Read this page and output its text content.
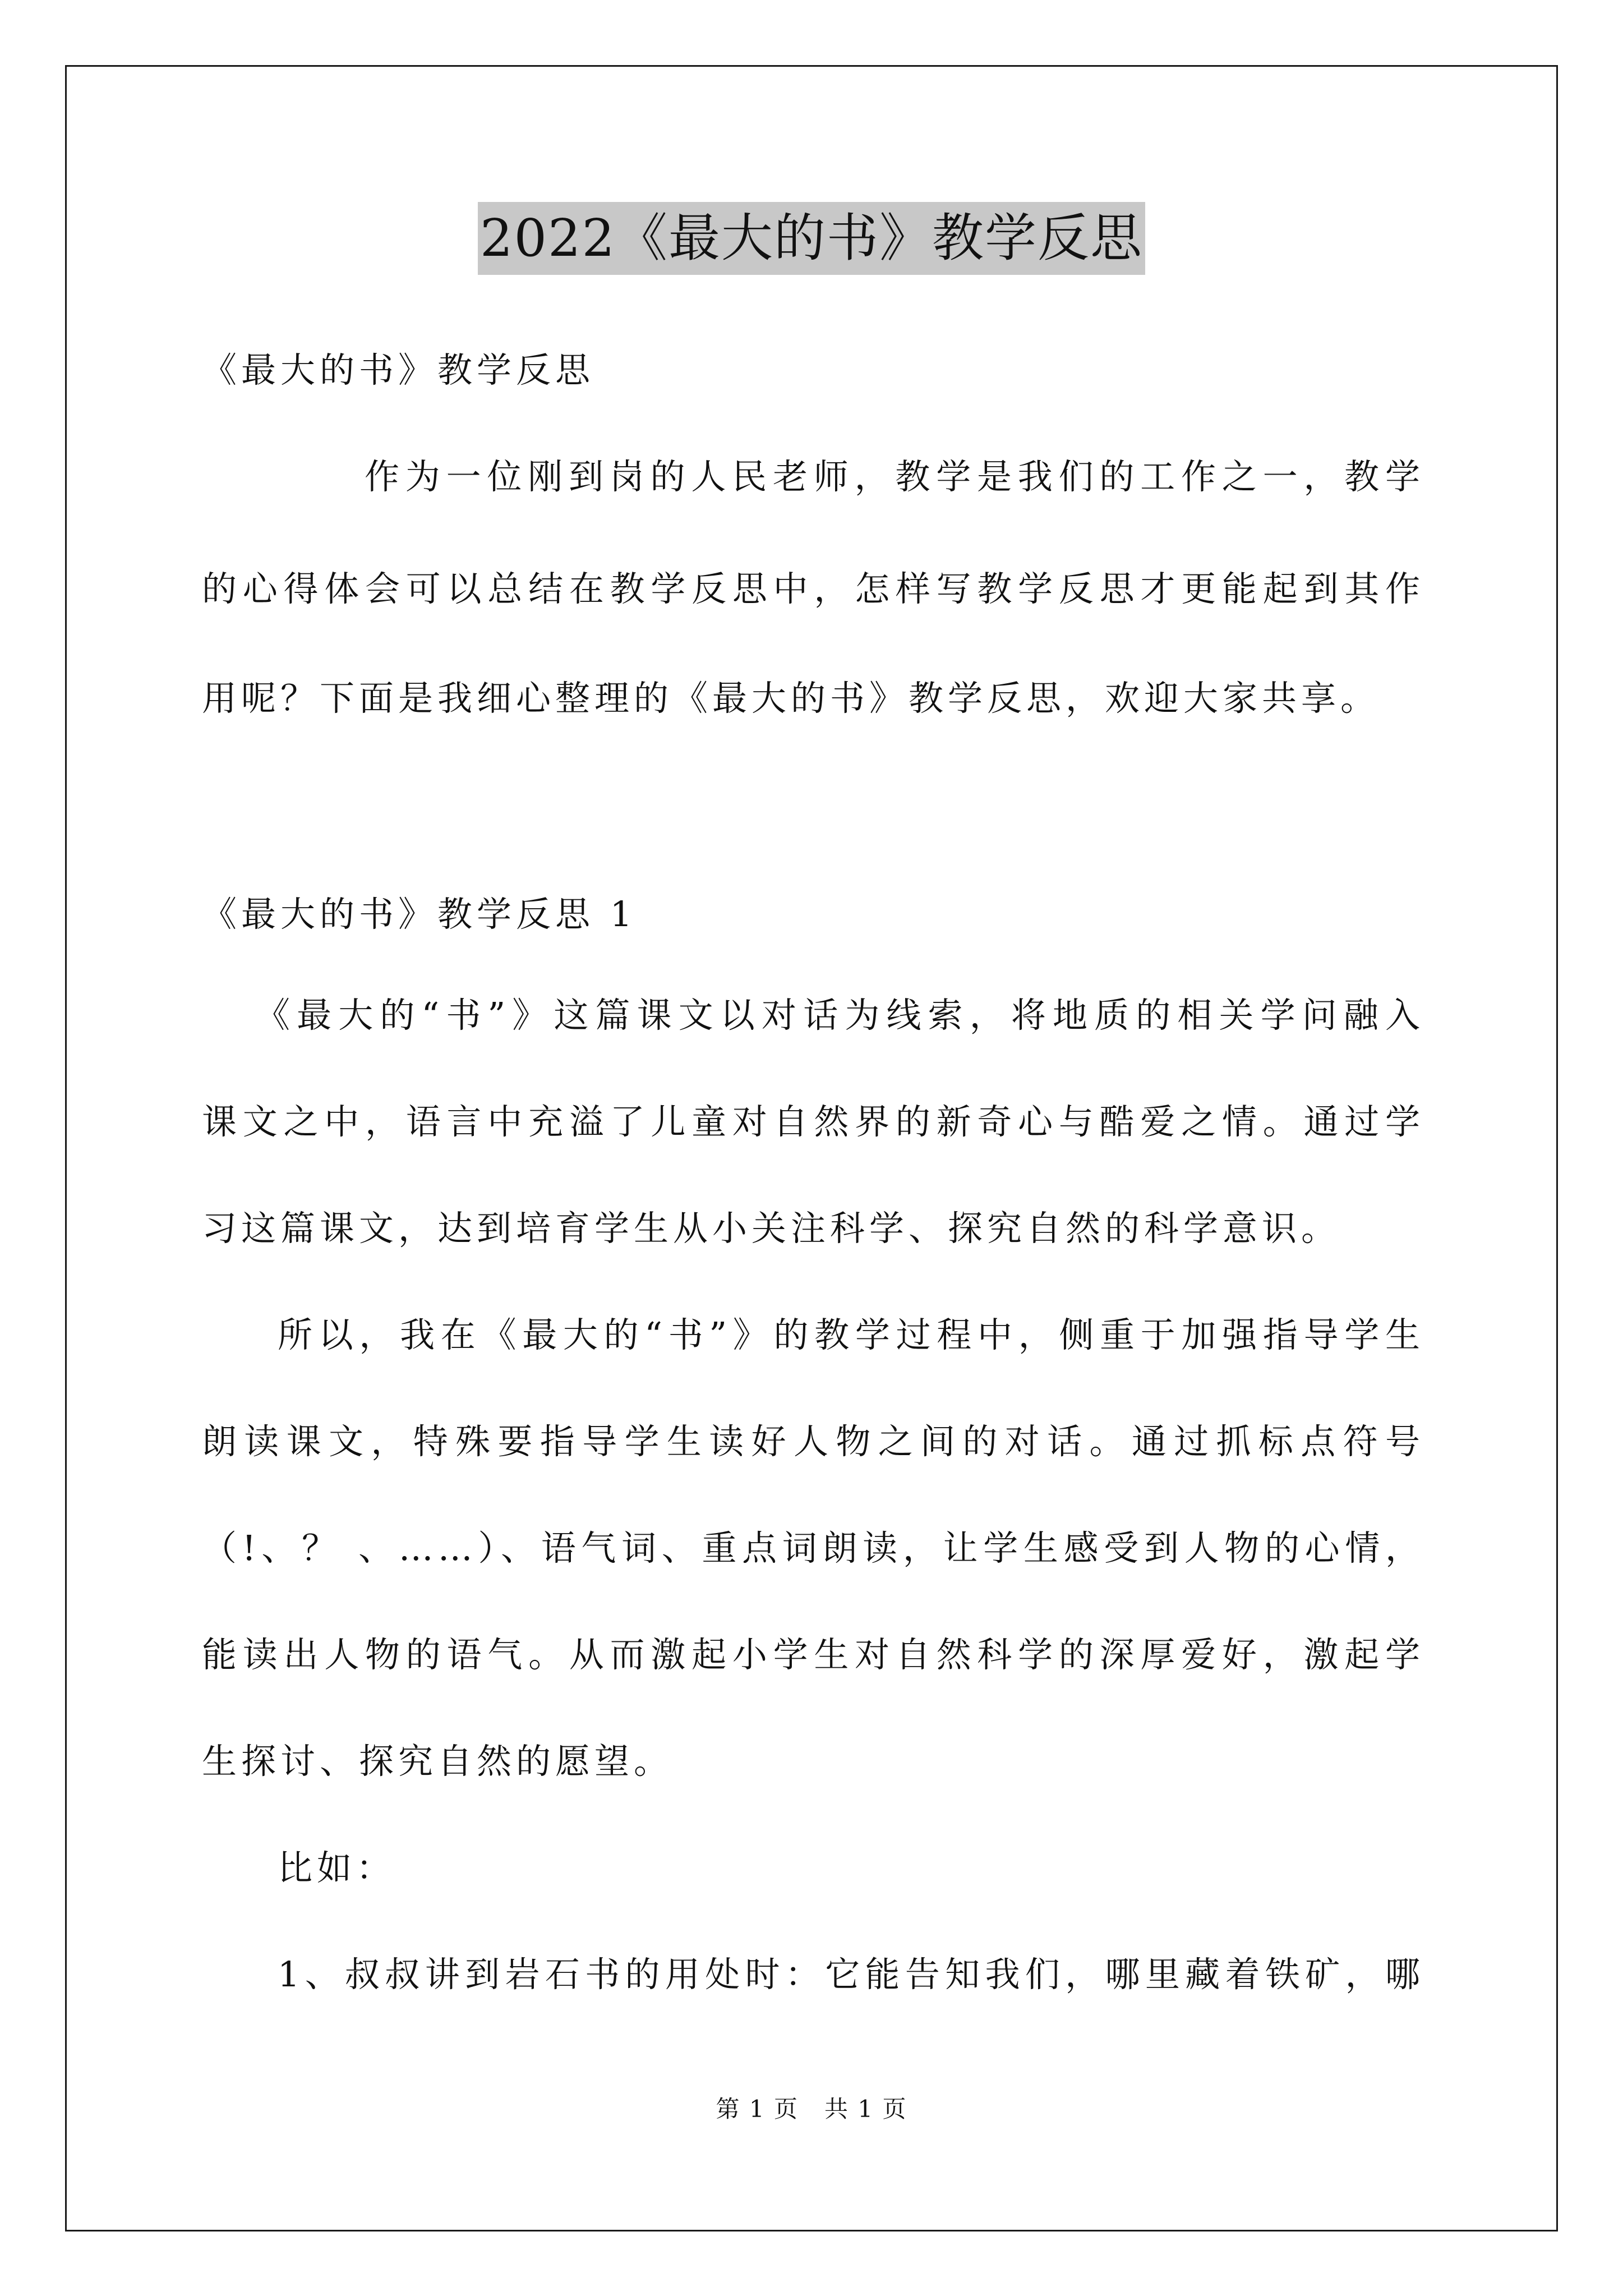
2022《最大的书》教学反思
《最大的书》教学反思
作为一位刚到岗的人民老师，教学是我们的工作之一，教学
的心得体会可以总结在教学反思中，怎样写教学反思才更能起到其作
用呢？下面是我细心整理的《最大的书》教学反思，欢迎大家共享。
《最大的书》教学反思 1
《最大的“书”》这篇课文以对话为线索，将地质的相关学问融入
课文之中，语言中充溢了儿童对自然界的新奇心与酷爱之情。通过学
习这篇课文，达到培育学生从小关注科学、探究自然的科学意识。
所以，我在《最大的“书”》的教学过程中，侧重于加强指导学生
朗读课文，特殊要指导学生读好人物之间的对话。通过抓标点符号
（!、？ 、……）、语气词、重点词朗读，让学生感受到人物的心情，
能读出人物的语气。从而激起小学生对自然科学的深厚爱好，激起学
生探讨、探究自然的愿望。
比如：
1、叔叔讲到岩石书的用处时：它能告知我们，哪里藏着铁矿，哪
第 1 页   共 1 页
